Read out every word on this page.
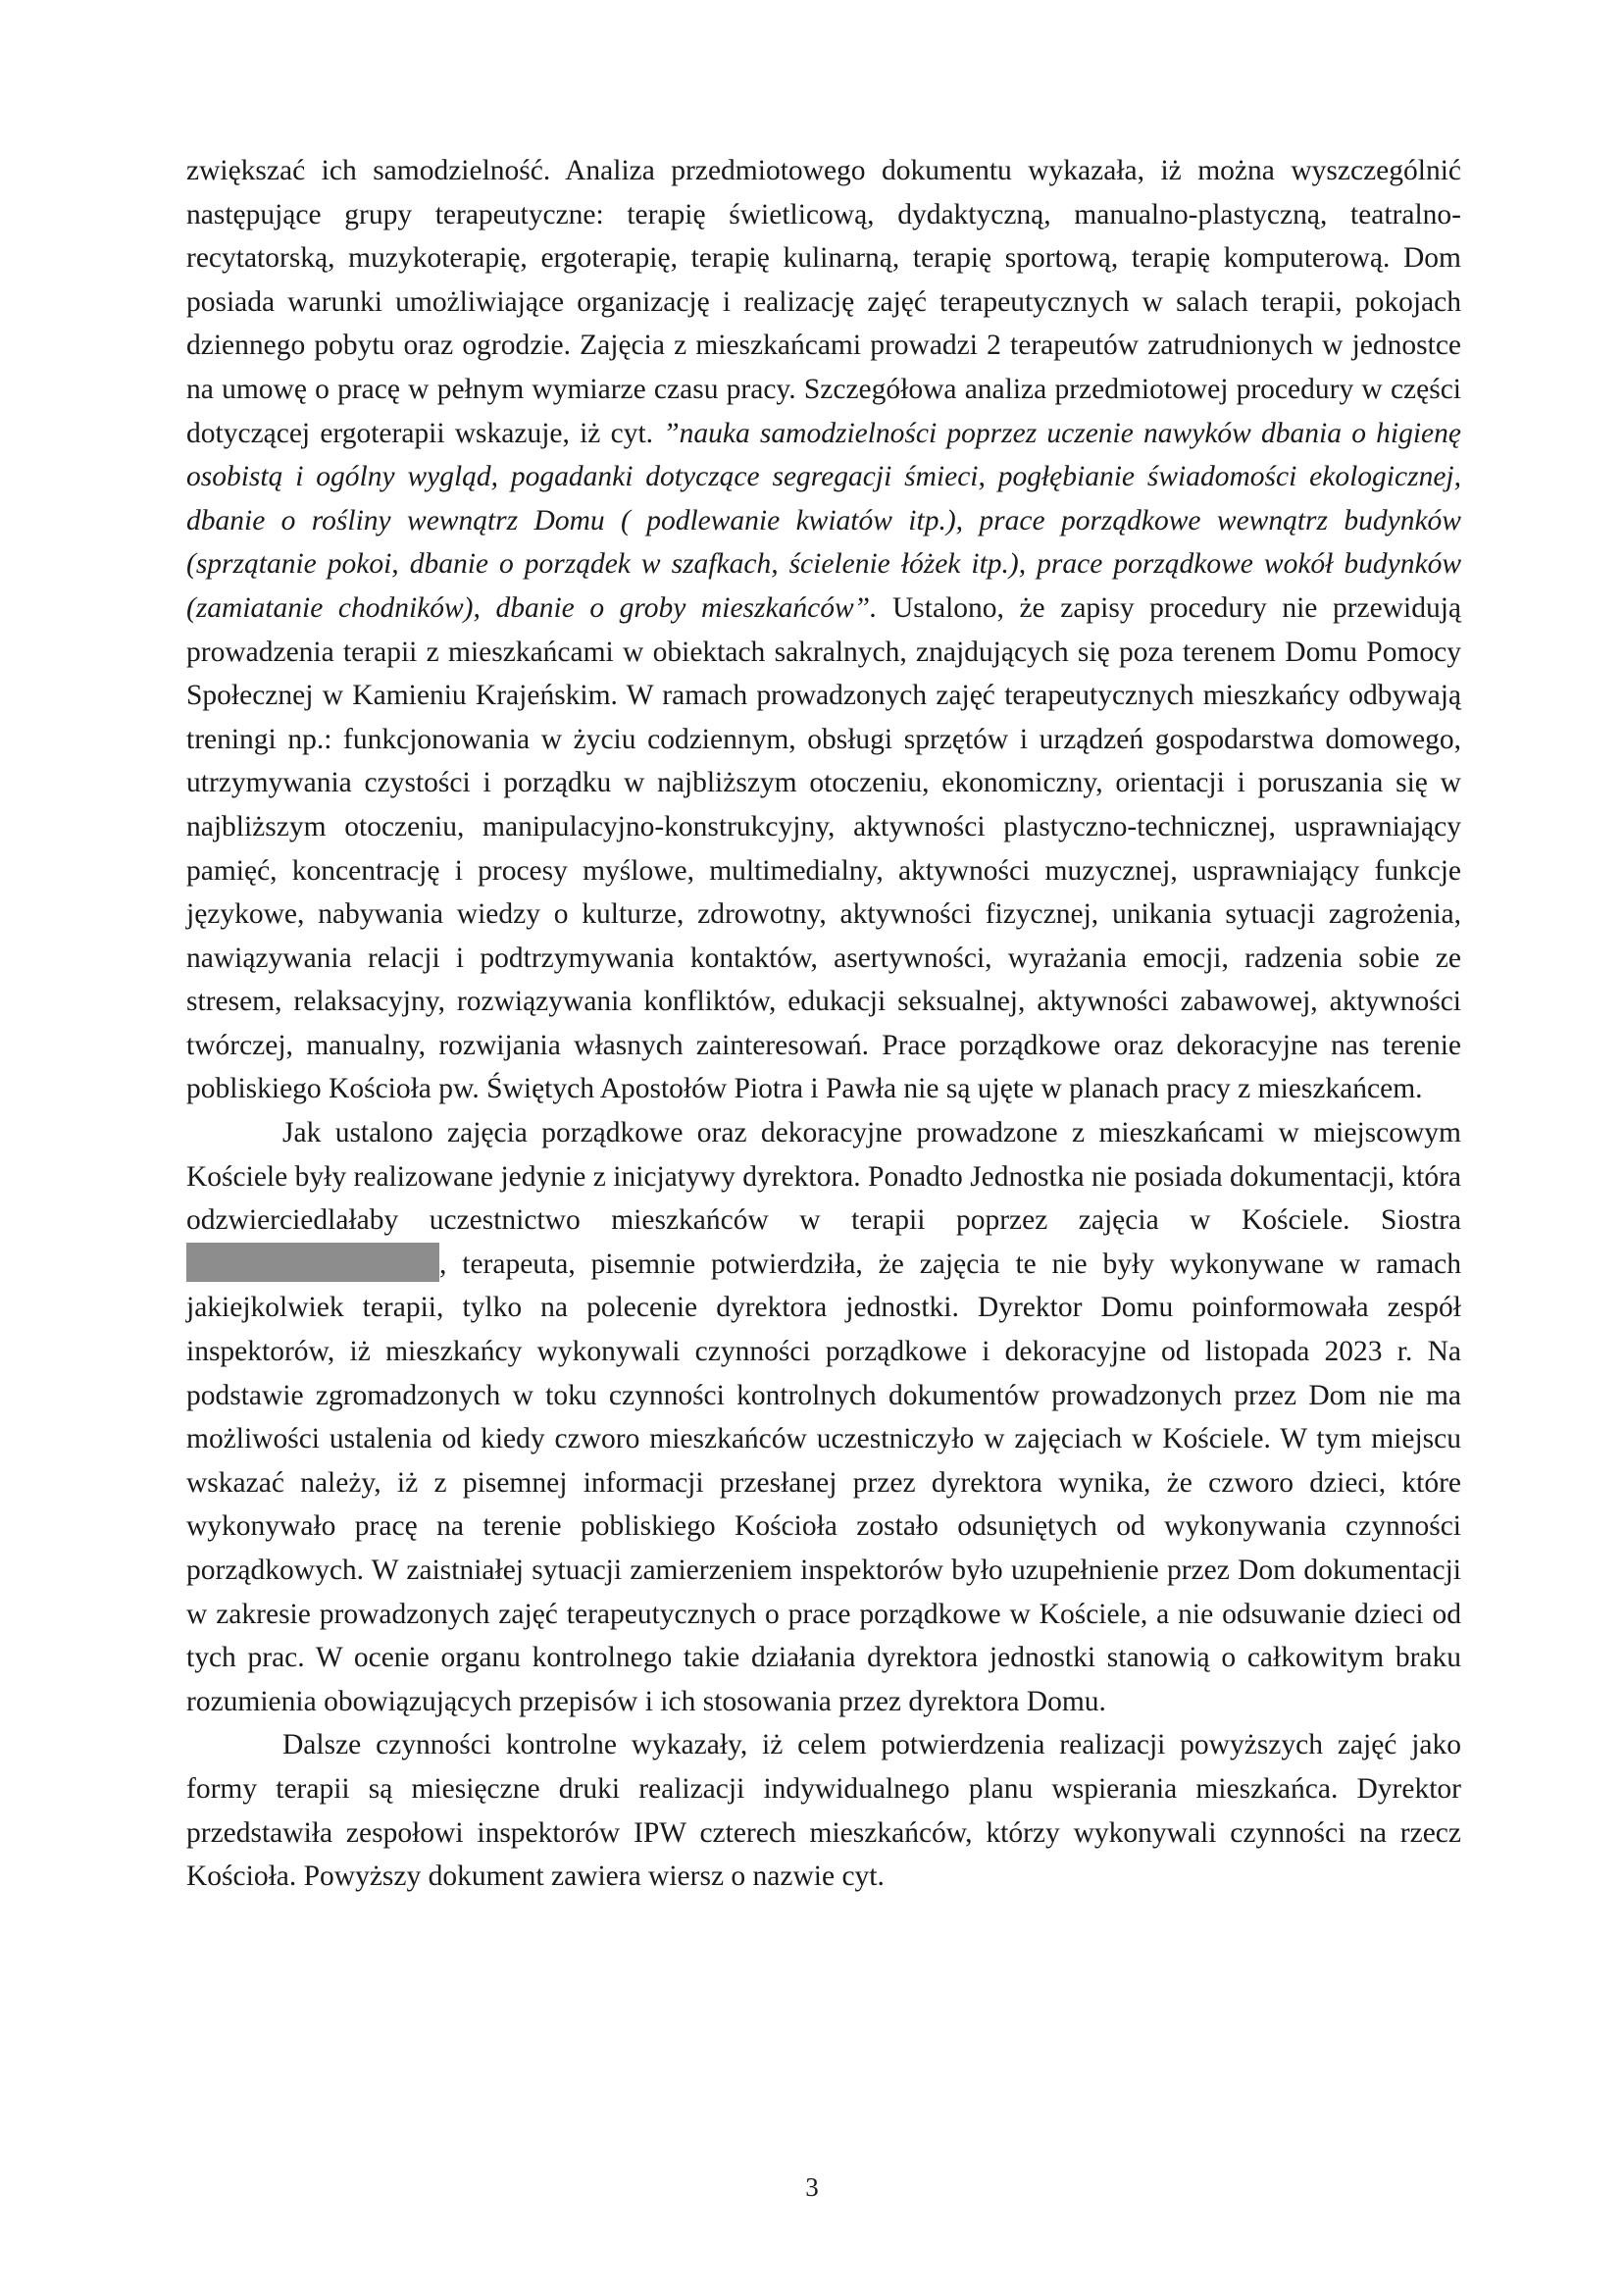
zwiększać ich samodzielność. Analiza przedmiotowego dokumentu wykazała, iż można wyszczególnić następujące grupy terapeutyczne: terapię świetlicową, dydaktyczną, manualno-plastyczną, teatralno-recytatorską, muzykoterapię, ergoterapię, terapię kulinarną, terapię sportową, terapię komputerową. Dom posiada warunki umożliwiające organizację i realizację zajęć terapeutycznych w salach terapii, pokojach dziennego pobytu oraz ogrodzie. Zajęcia z mieszkańcami prowadzi 2 terapeutów zatrudnionych w jednostce na umowę o pracę w pełnym wymiarze czasu pracy. Szczegółowa analiza przedmiotowej procedury w części dotyczącej ergoterapii wskazuje, iż cyt. ”nauka samodzielności poprzez uczenie nawyków dbania o higienę osobistą i ogólny wygląd, pogadanki dotyczące segregacji śmieci, pogłębianie świadomości ekologicznej, dbanie o rośliny wewnątrz Domu ( podlewanie kwiatów itp.), prace porządkowe wewnątrz budynków (sprzątanie pokoi, dbanie o porządek w szafkach, ścielenie łóżek itp.), prace porządkowe wokół budynków (zamiatanie chodników), dbanie o groby mieszkańców”. Ustalono, że zapisy procedury nie przewidują prowadzenia terapii z mieszkańcami w obiektach sakralnych, znajdujących się poza terenem Domu Pomocy Społecznej w Kamieniu Krajeńskim. W ramach prowadzonych zajęć terapeutycznych mieszkańcy odbywają treningi np.: funkcjonowania w życiu codziennym, obsługi sprzętów i urządzeń gospodarstwa domowego, utrzymywania czystości i porządku w najbliższym otoczeniu, ekonomiczny, orientacji i poruszania się w najbliższym otoczeniu, manipulacyjno-konstrukcyjny, aktywności plastyczno-technicznej, usprawniający pamięć, koncentrację i procesy myślowe, multimedialny, aktywności muzycznej, usprawniający funkcje językowe, nabywania wiedzy o kulturze, zdrowotny, aktywności fizycznej, unikania sytuacji zagrożenia, nawiązywania relacji i podtrzymywania kontaktów, asertywności, wyrażania emocji, radzenia sobie ze stresem, relaksacyjny, rozwiązywania konfliktów, edukacji seksualnej, aktywności zabawowej, aktywności twórczej, manualny, rozwijania własnych zainteresowań. Prace porządkowe oraz dekoracyjne nas terenie pobliskiego Kościoła pw. Świętych Apostołów Piotra i Pawła nie są ujęte w planach pracy z mieszkańcem.

Jak ustalono zajęcia porządkowe oraz dekoracyjne prowadzone z mieszkańcami w miejscowym Kościele były realizowane jedynie z inicjatywy dyrektora. Ponadto Jednostka nie posiada dokumentacji, która odzwierciedlałaby uczestnictwo mieszkańców w terapii poprzez zajęcia w Kościele. Siostra , terapeuta, pisemnie potwierdziła, że zajęcia te nie były wykonywane w ramach jakiejkolwiek terapii, tylko na polecenie dyrektora jednostki. Dyrektor Domu poinformowała zespół inspektorów, iż mieszkańcy wykonywali czynności porządkowe i dekoracyjne od listopada 2023 r. Na podstawie zgromadzonych w toku czynności kontrolnych dokumentów prowadzonych przez Dom nie ma możliwości ustalenia od kiedy czworo mieszkańców uczestniczyło w zajęciach w Kościele. W tym miejscu wskazać należy, iż z pisemnej informacji przesłanej przez dyrektora wynika, że czworo dzieci, które wykonywało pracę na terenie pobliskiego Kościoła zostało odsuniętych od wykonywania czynności porządkowych. W zaistniałej sytuacji zamierzeniem inspektorów było uzupełnienie przez Dom dokumentacji w zakresie prowadzonych zajęć terapeutycznych o prace porządkowe w Kościele, a nie odsuwanie dzieci od tych prac. W ocenie organu kontrolnego takie działania dyrektora jednostki stanowią o całkowitym braku rozumienia obowiązujących przepisów i ich stosowania przez dyrektora Domu.

Dalsze czynności kontrolne wykazały, iż celem potwierdzenia realizacji powyższych zajęć jako formy terapii są miesięczne druki realizacji indywidualnego planu wspierania mieszkańca. Dyrektor przedstawiła zespołowi inspektorów IPW czterech mieszkańców, którzy wykonywali czynności na rzecz Kościoła. Powyższy dokument zawiera wiersz o nazwie cyt.

3
